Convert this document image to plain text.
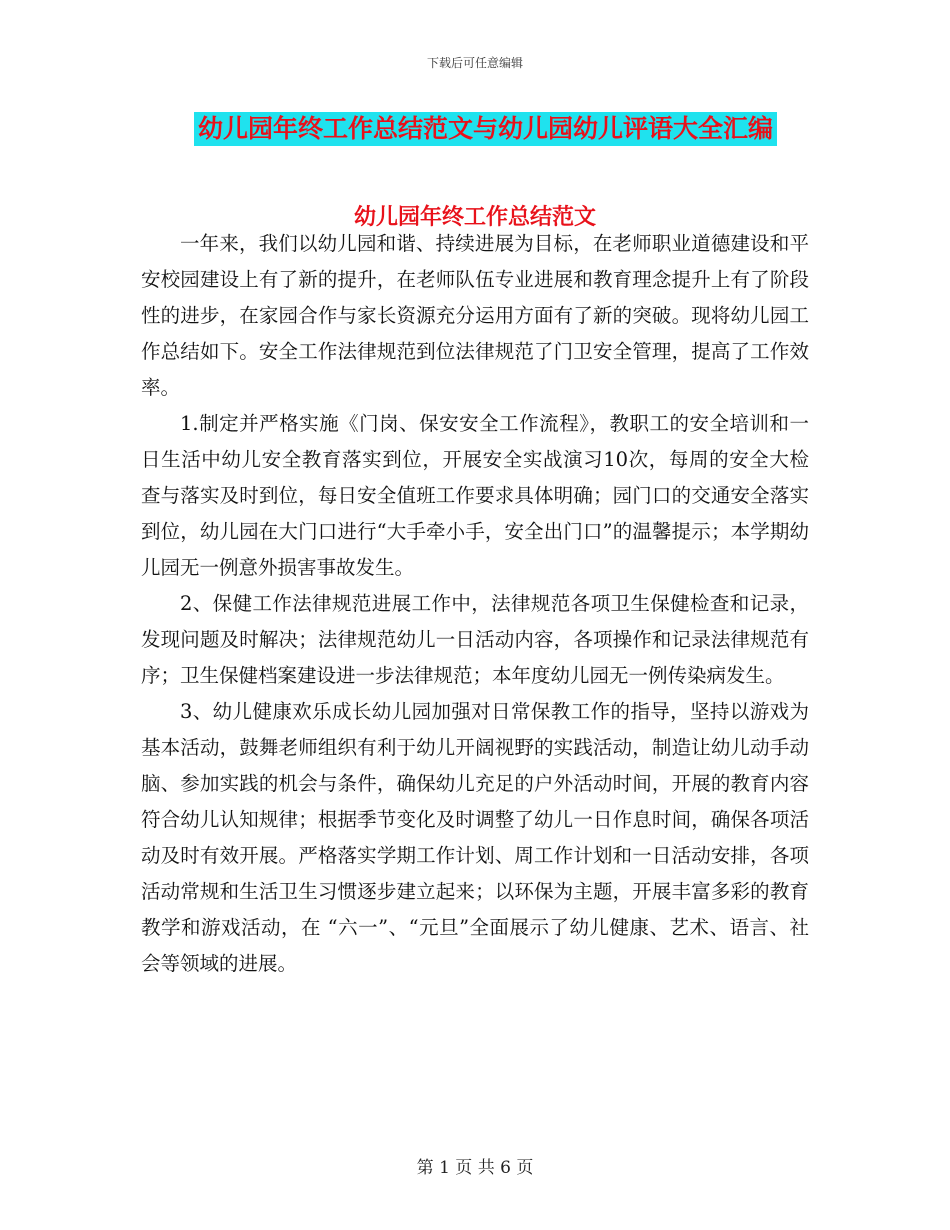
下载后可任意编辑
幼儿园年终工作总结范文与幼儿园幼儿评语大全汇编
幼儿园年终工作总结范文

一年来，我们以幼儿园和谐、持续进展为目标，在老师职业道德建设和平安校园建设上有了新的提升，在老师队伍专业进展和教育理念提升上有了阶段性的进步，在家园合作与家长资源充分运用方面有了新的突破。现将幼儿园工作总结如下。安全工作法律规范到位法律规范了门卫安全管理，提高了工作效率。

1.制定并严格实施《门岗、保安安全工作流程》，教职工的安全培训和一日生活中幼儿安全教育落实到位，开展安全实战演习10次，每周的安全大检查与落实及时到位，每日安全值班工作要求具体明确；园门口的交通安全落实到位，幼儿园在大门口进行“大手牵小手，安全出门口”的温馨提示；本学期幼儿园无一例意外损害事故发生。

2、保健工作法律规范进展工作中，法律规范各项卫生保健检查和记录，发现问题及时解决；法律规范幼儿一日活动内容，各项操作和记录法律规范有序；卫生保健档案建设进一步法律规范；本年度幼儿园无一例传染病发生。

3、幼儿健康欢乐成长幼儿园加强对日常保教工作的指导，坚持以游戏为基本活动，鼓舞老师组织有利于幼儿开阔视野的实践活动，制造让幼儿动手动脑、参加实践的机会与条件，确保幼儿充足的户外活动时间，开展的教育内容符合幼儿认知规律；根据季节变化及时调整了幼儿一日作息时间，确保各项活动及时有效开展。严格落实学期工作计划、周工作计划和一日活动安排，各项活动常规和生活卫生习惯逐步建立起来；以环保为主题，开展丰富多彩的教育教学和游戏活动，在 “六一”、“元旦”全面展示了幼儿健康、艺术、语言、社会等领域的进展。

第 1 页 共 6 页
